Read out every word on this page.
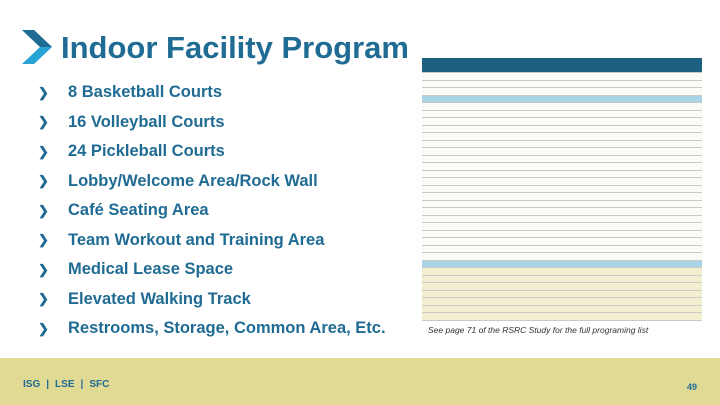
Indoor Facility Program
❯	8 Basketball Courts
❯	16 Volleyball Courts
❯	24 Pickleball Courts
❯	Lobby/Welcome Area/Rock Wall
❯	Café Seating Area
❯	Team Workout and Training Area
❯	Medical Lease Space
❯	Elevated Walking Track
❯	Restrooms, Storage, Common Area, Etc.

							See page 71 of the RSRC Study for the full programing list
ISG | LSE | SFC	49
